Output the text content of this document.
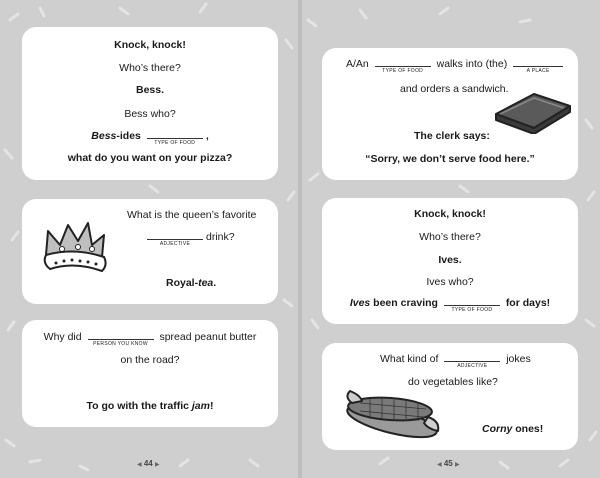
Knock, knock!
Who’s there?
Bess.
Bess who?
Bess-ides
TYPE OF FOOD
,
what do you want on your pizza?
What is the queen’s favorite
ADJECTIVE
drink?
Royal-tea.
Why did
PERSON YOU KNOW
spread peanut butter
on the road?
To go with the traffic jam!
◀ 44 ▶
A/An
TYPE OF FOOD
walks into (the)
A PLACE
and orders a sandwich.
The clerk says:
“Sorry, we don’t serve food here.”
Knock, knock!
Who’s there?
Ives.
Ives who?
Ives been craving
TYPE OF FOOD
for days!
What kind of
ADJECTIVE
jokes
do vegetables like?
Corny ones!
◀ 45 ▶
